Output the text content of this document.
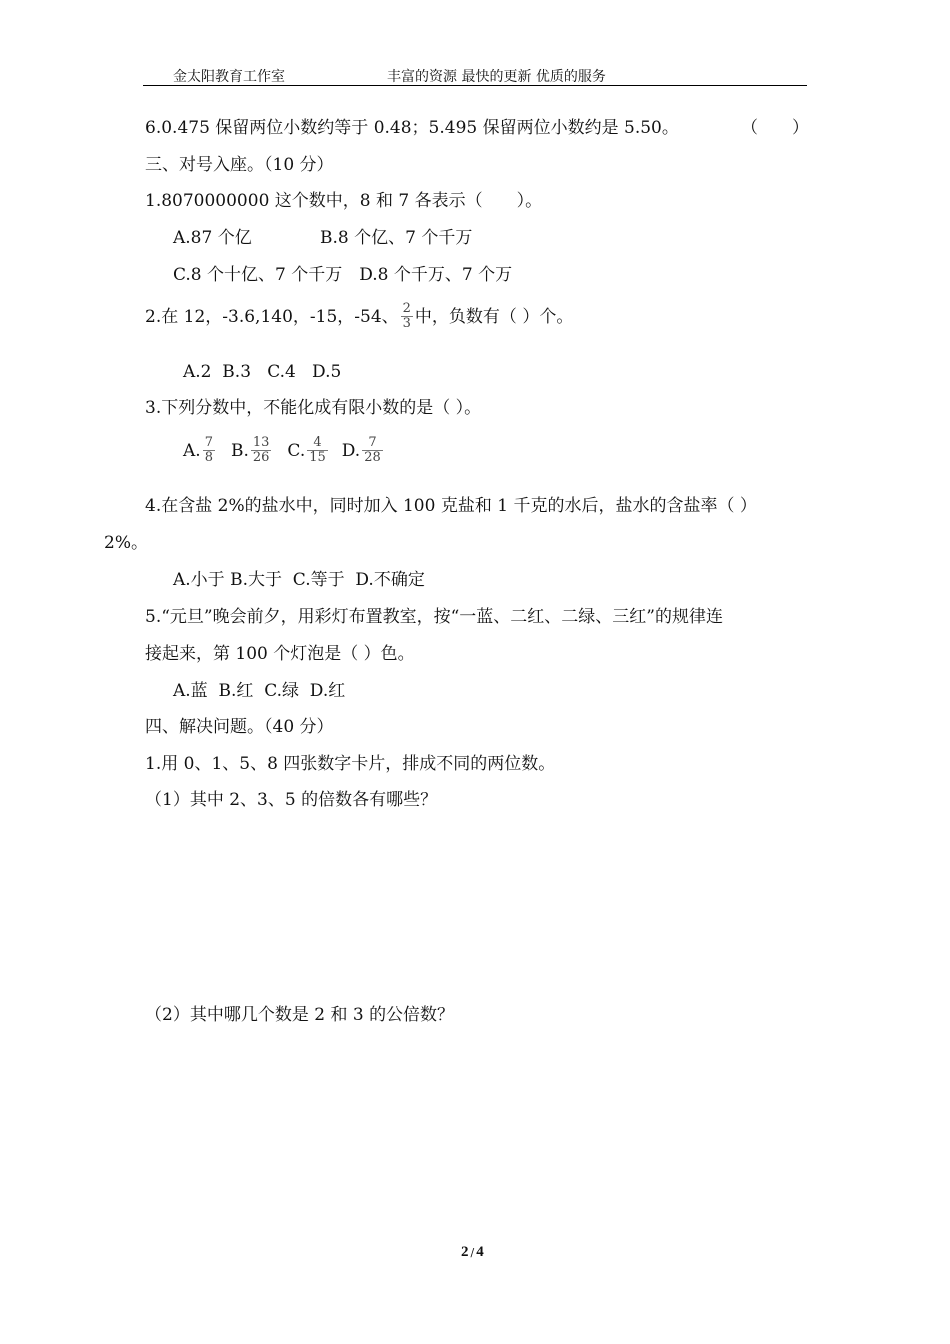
金太阳教育工作室	丰富的资源 最快的更新 优质的服务
6.0.475 保留两位小数约等于 0.48；5.495 保留两位小数约是 5.50。	（　　）
三、对号入座。（10 分）
1.8070000000 这个数中，8 和 7 各表示（　　）。
A.87 个亿	B.8 个亿、7 个千万
C.8 个十亿、7 个千万　D.8 个千万、7 个万
2.在 12，-3.6,140，-15，-54、 $\frac{2}{3}$ 中，负数有（ ）个。
A.2  B.3   C.4   D.5
3.下列分数中，不能化成有限小数的是（ ）。
A. $\frac{7}{8} B$. $\frac{13}{26} C$. $\frac{4}{15} D$. $\frac{7}{28}$
4.在含盐 2%的盐水中，同时加入 100 克盐和 1 千克的水后，盐水的含盐率（ ）
2%。
A.小于 B.大于  C.等于  D.不确定
5.“元旦”晚会前夕，用彩灯布置教室，按“一蓝、二红、二绿、三红”的规律连
接起来，第 100 个灯泡是（ ）色。
A.蓝  B.红  C.绿  D.红
四、解决问题。（40 分）
1.用 0、1、5、8 四张数字卡片，排成不同的两位数。
（1）其中 2、3、5 的倍数各有哪些？
（2）其中哪几个数是 2 和 3 的公倍数？
2 / 4
